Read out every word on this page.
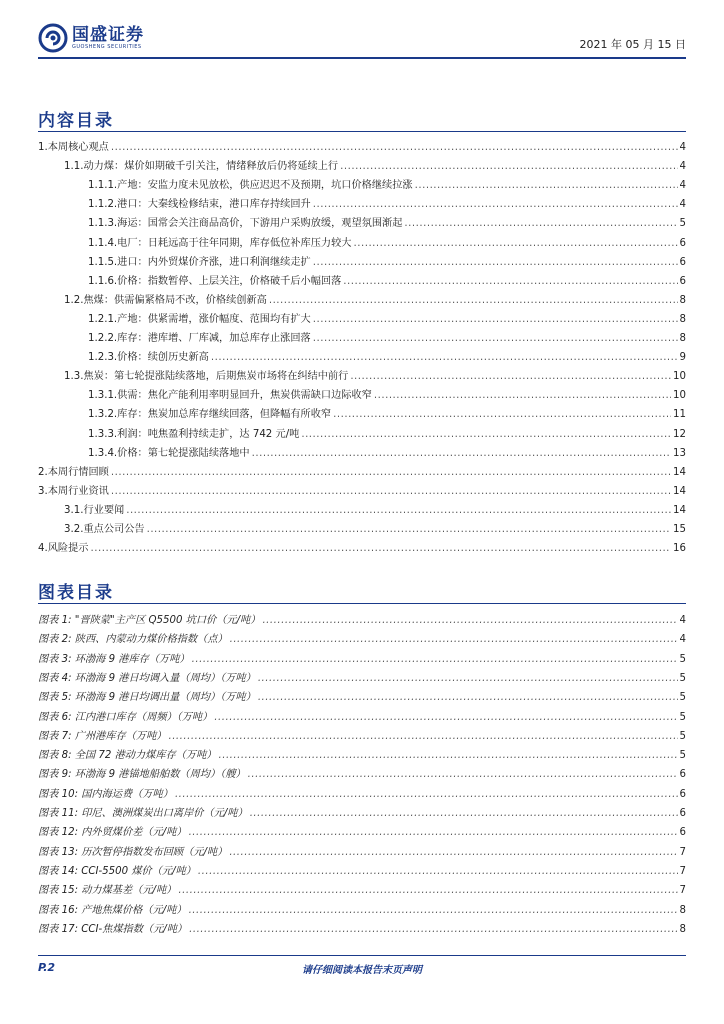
国盛证券
GUOSHENG SECURITIES	2021 年 05 月 15 日
内容目录
1.本周核心观点 .....	4
1.1.动力煤：煤价如期破千引关注，情绪释放后仍将延续上行 .....	4
1.1.1.产地：安监力度未见放松，供应迟迟不及预期，坑口价格继续拉涨 .....	4
1.1.2.港口：大秦线检修结束，港口库存持续回升 .....	4
1.1.3.海运：国常会关注商品高价，下游用户采购放缓，观望氛围渐起 .....	5
1.1.4.电厂：日耗远高于往年同期，库存低位补库压力较大 .....	6
1.1.5.进口：内外贸煤价齐涨，进口利润继续走扩 .....	6
1.1.6.价格：指数暂停、上层关注，价格破千后小幅回落 .....	6
1.2.焦煤：供需偏紧格局不改，价格续创新高 .....	8
1.2.1.产地：供紧需增，涨价幅度、范围均有扩大 .....	8
1.2.2.库存：港库增、厂库减，加总库存止涨回落 .....	8
1.2.3.价格：续创历史新高 .....	9
1.3.焦炭：第七轮提涨陆续落地，后期焦炭市场将在纠结中前行 .....	10
1.3.1.供需：焦化产能利用率明显回升，焦炭供需缺口边际收窄 .....	10
1.3.2.库存：焦炭加总库存继续回落，但降幅有所收窄 .....	11
1.3.3.利润：吨焦盈利持续走扩，达 742 元/吨 .....	12
1.3.4.价格：第七轮提涨陆续落地中 .....	13
2.本周行情回顾 .....	14
3.本周行业资讯 .....	14
3.1.行业要闻 .....	14
3.2.重点公司公告 .....	15
4.风险提示 .....	16
图表目录
图表 1: "晋陕蒙"主产区 Q5500 坑口价（元/吨） .....	4
图表 2: 陕西、内蒙动力煤价格指数（点） .....	4
图表 3: 环渤海 9 港库存（万吨） .....	5
图表 4: 环渤海 9 港日均调入量（周均）（万吨） .....	5
图表 5: 环渤海 9 港日均调出量（周均）（万吨） .....	5
图表 6: 江内港口库存（周频）（万吨） .....	5
图表 7: 广州港库存（万吨） .....	5
图表 8: 全国 72 港动力煤库存（万吨） .....	5
图表 9: 环渤海 9 港锚地船舶数（周均）（艘） .....	6
图表 10: 国内海运费（万吨） .....	6
图表 11: 印尼、澳洲煤炭出口离岸价（元/吨） .....	6
图表 12: 内外贸煤价差（元/吨） .....	6
图表 13: 历次暂停指数发布回顾（元/吨） .....	7
图表 14: CCI-5500 煤价（元/吨） .....	7
图表 15: 动力煤基差（元/吨） .....	7
图表 16: 产地焦煤价格（元/吨） .....	8
图表 17: CCI-焦煤指数（元/吨） .....	8
P.2	请仔细阅读本报告末页声明
